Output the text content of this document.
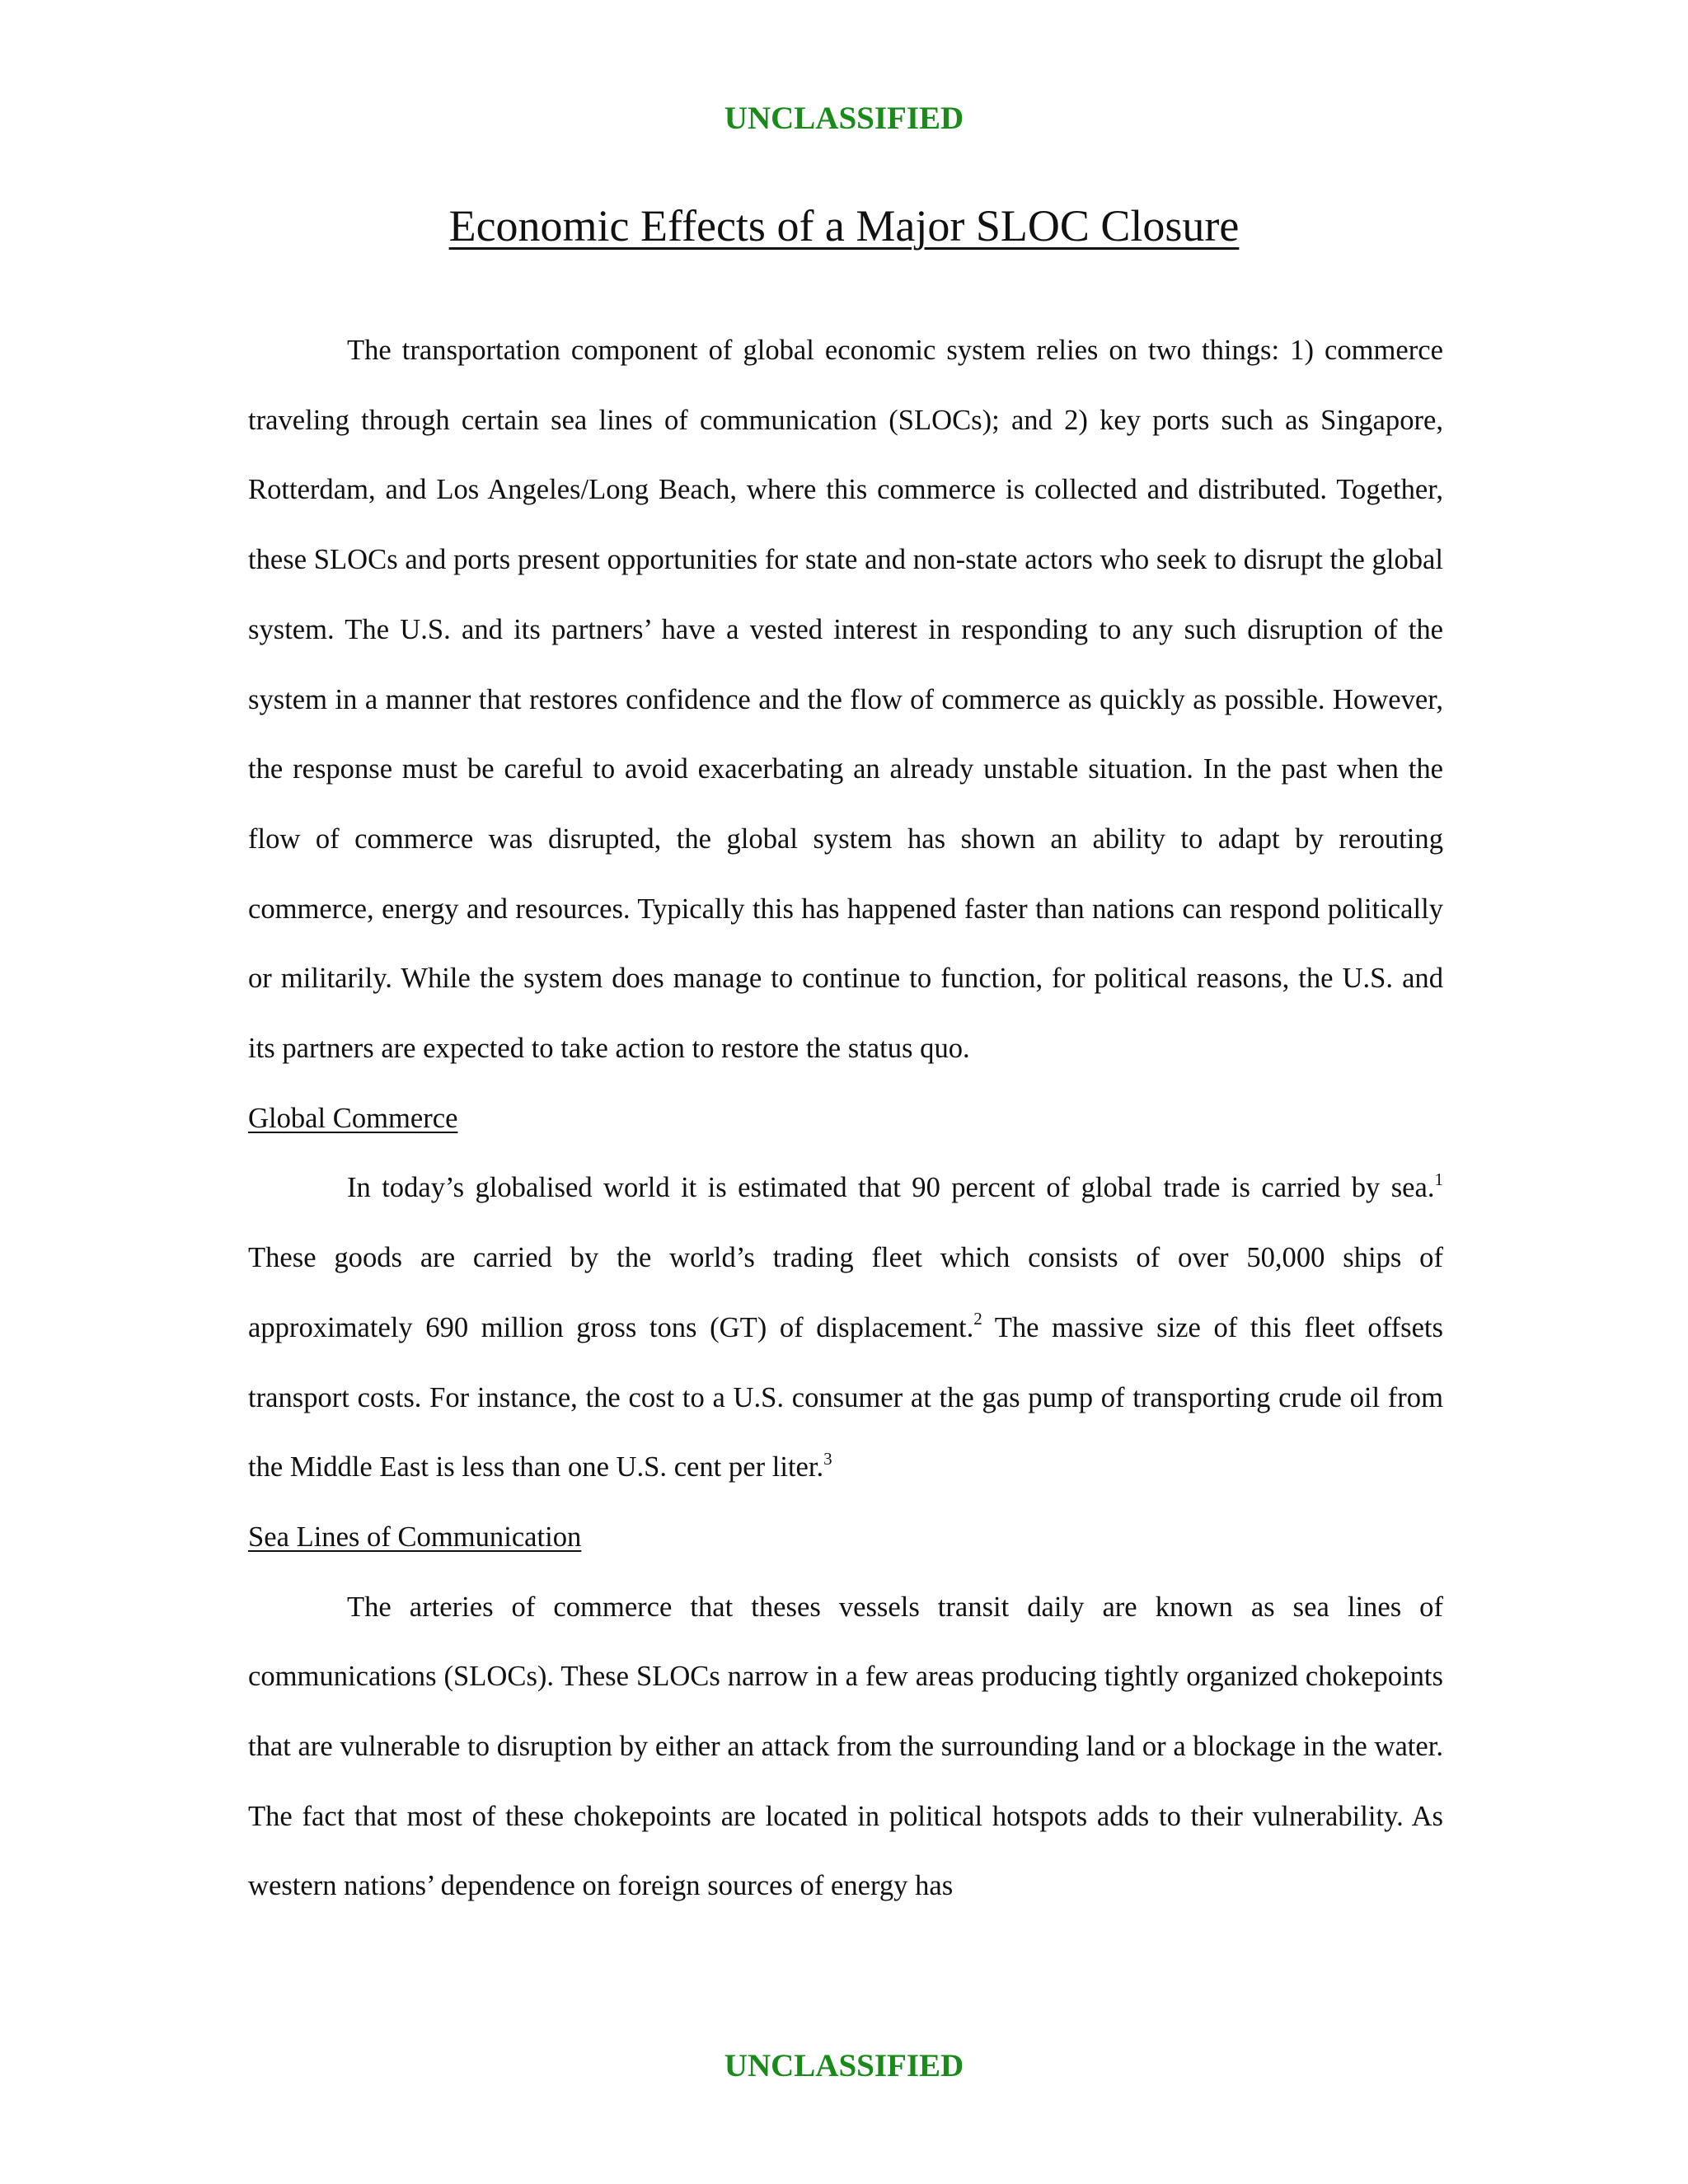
UNCLASSIFIED
Economic Effects of a Major SLOC Closure

The transportation component of global economic system relies on two things: 1) commerce traveling through certain sea lines of communication (SLOCs); and 2) key ports such as Singapore, Rotterdam, and Los Angeles/Long Beach, where this commerce is collected and distributed. Together, these SLOCs and ports present opportunities for state and non-state actors who seek to disrupt the global system. The U.S. and its partners’ have a vested interest in responding to any such disruption of the system in a manner that restores confidence and the flow of commerce as quickly as possible. However, the response must be careful to avoid exacerbating an already unstable situation. In the past when the flow of commerce was disrupted, the global system has shown an ability to adapt by rerouting commerce, energy and resources. Typically this has happened faster than nations can respond politically or militarily. While the system does manage to continue to function, for political reasons, the U.S. and its partners are expected to take action to restore the status quo.

Global Commerce

In today’s globalised world it is estimated that 90 percent of global trade is carried by sea.$^1$ These goods are carried by the world’s trading fleet which consists of over 50,000 ships of approximately 690 million gross tons (GT) of displacement.$^2$ The massive size of this fleet offsets transport costs. For instance, the cost to a U.S. consumer at the gas pump of transporting crude oil from the Middle East is less than one U.S. cent per liter.$^3$

Sea Lines of Communication

The arteries of commerce that theses vessels transit daily are known as sea lines of communications (SLOCs). These SLOCs narrow in a few areas producing tightly organized chokepoints that are vulnerable to disruption by either an attack from the surrounding land or a blockage in the water. The fact that most of these chokepoints are located in political hotspots adds to their vulnerability. As western nations’ dependence on foreign sources of energy has

UNCLASSIFIED
